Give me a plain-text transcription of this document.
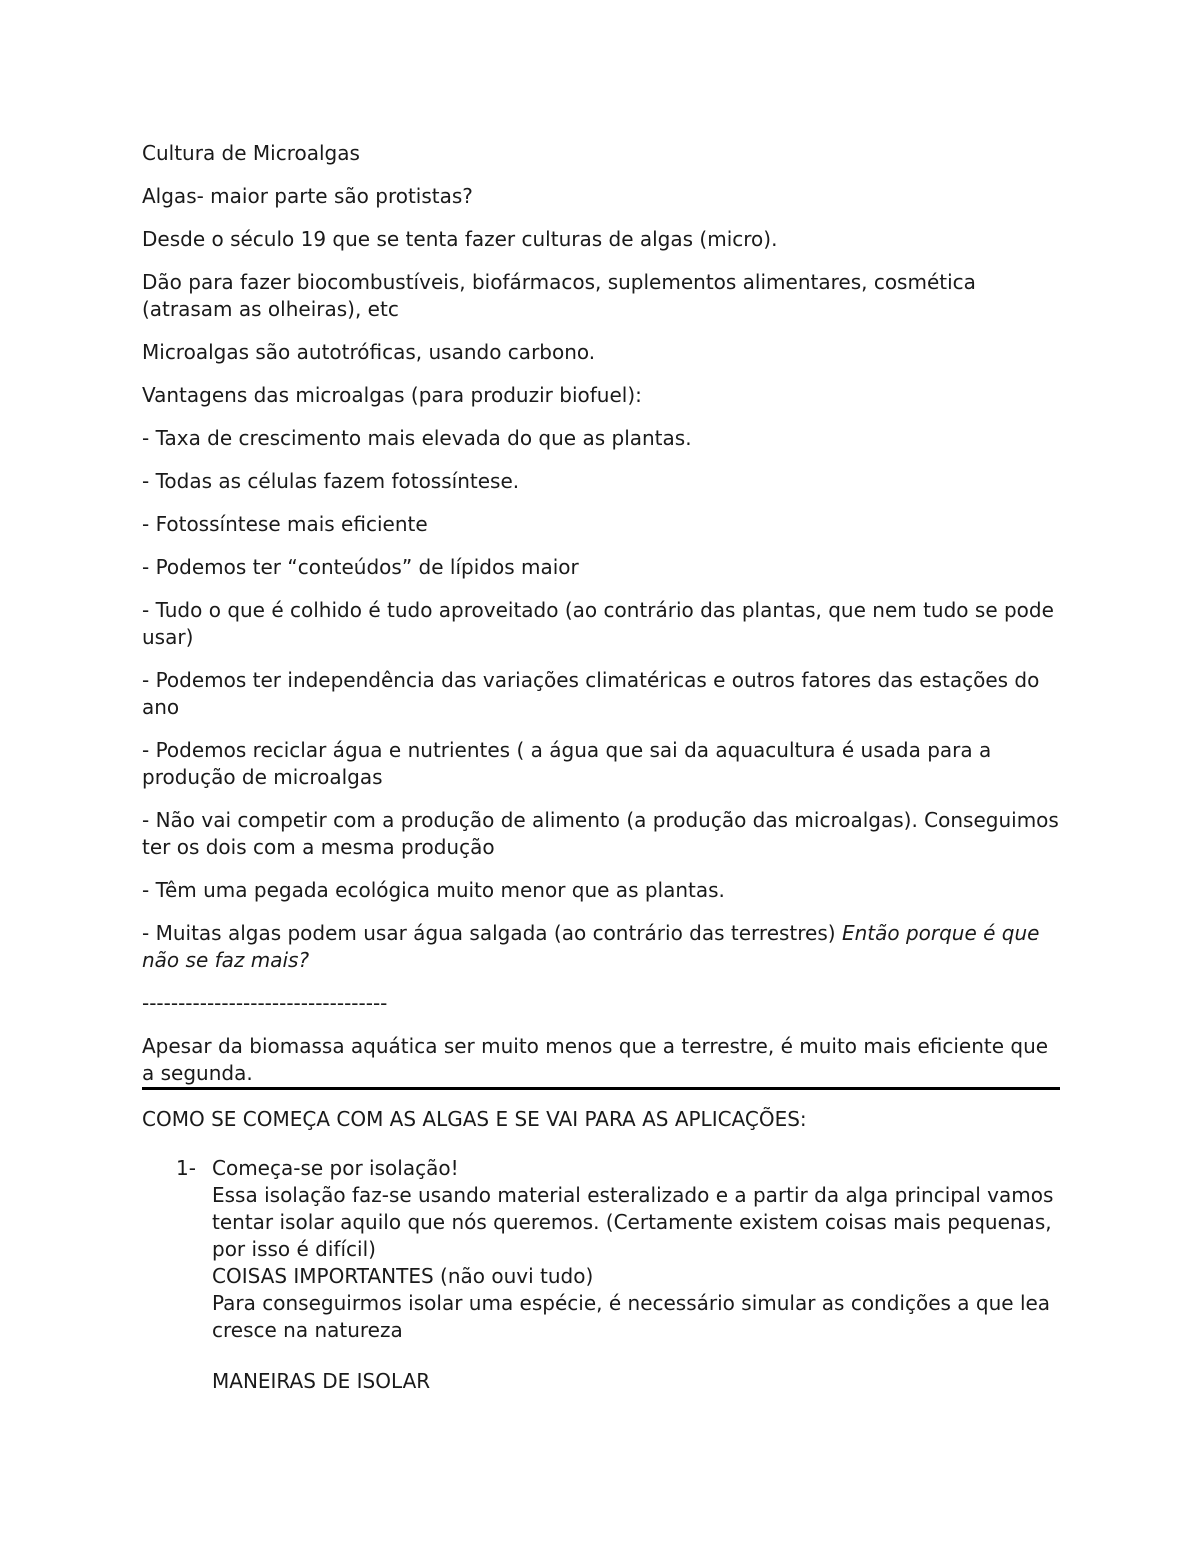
Cultura de Microalgas

Algas- maior parte são protistas?

Desde o século 19 que se tenta fazer culturas de algas (micro).

Dão para fazer biocombustíveis, biofármacos, suplementos alimentares, cosmética (atrasam as olheiras), etc

Microalgas são autotróficas, usando carbono.

Vantagens das microalgas (para produzir biofuel):

- Taxa de crescimento mais elevada do que as plantas.

- Todas as células fazem fotossíntese.

- Fotossíntese mais eficiente

- Podemos ter “conteúdos” de lípidos maior

- Tudo o que é colhido é tudo aproveitado (ao contrário das plantas, que nem tudo se pode usar)

- Podemos ter independência das variações climatéricas e outros fatores das estações do ano

- Podemos reciclar água e nutrientes ( a água que sai da aquacultura é usada para a produção de microalgas

- Não vai competir com a produção de alimento (a produção das microalgas). Conseguimos ter os dois com a mesma produção

- Têm uma pegada ecológica muito menor que as plantas.

- Muitas algas podem usar água salgada (ao contrário das terrestres) Então porque é que não se faz mais?

----------------------------------

Apesar da biomassa aquática ser muito menos que a terrestre, é muito mais eficiente que a segunda.

COMO SE COMEÇA COM AS ALGAS E SE VAI PARA AS APLICAÇÕES:

1- Começa-se por isolação!
Essa isolação faz-se usando material esteralizado e a partir da alga principal vamos tentar isolar aquilo que nós queremos. (Certamente existem coisas mais pequenas, por isso é difícil)
COISAS IMPORTANTES (não ouvi tudo)
Para conseguirmos isolar uma espécie, é necessário simular as condições a que lea cresce na natureza
MANEIRAS DE ISOLAR
